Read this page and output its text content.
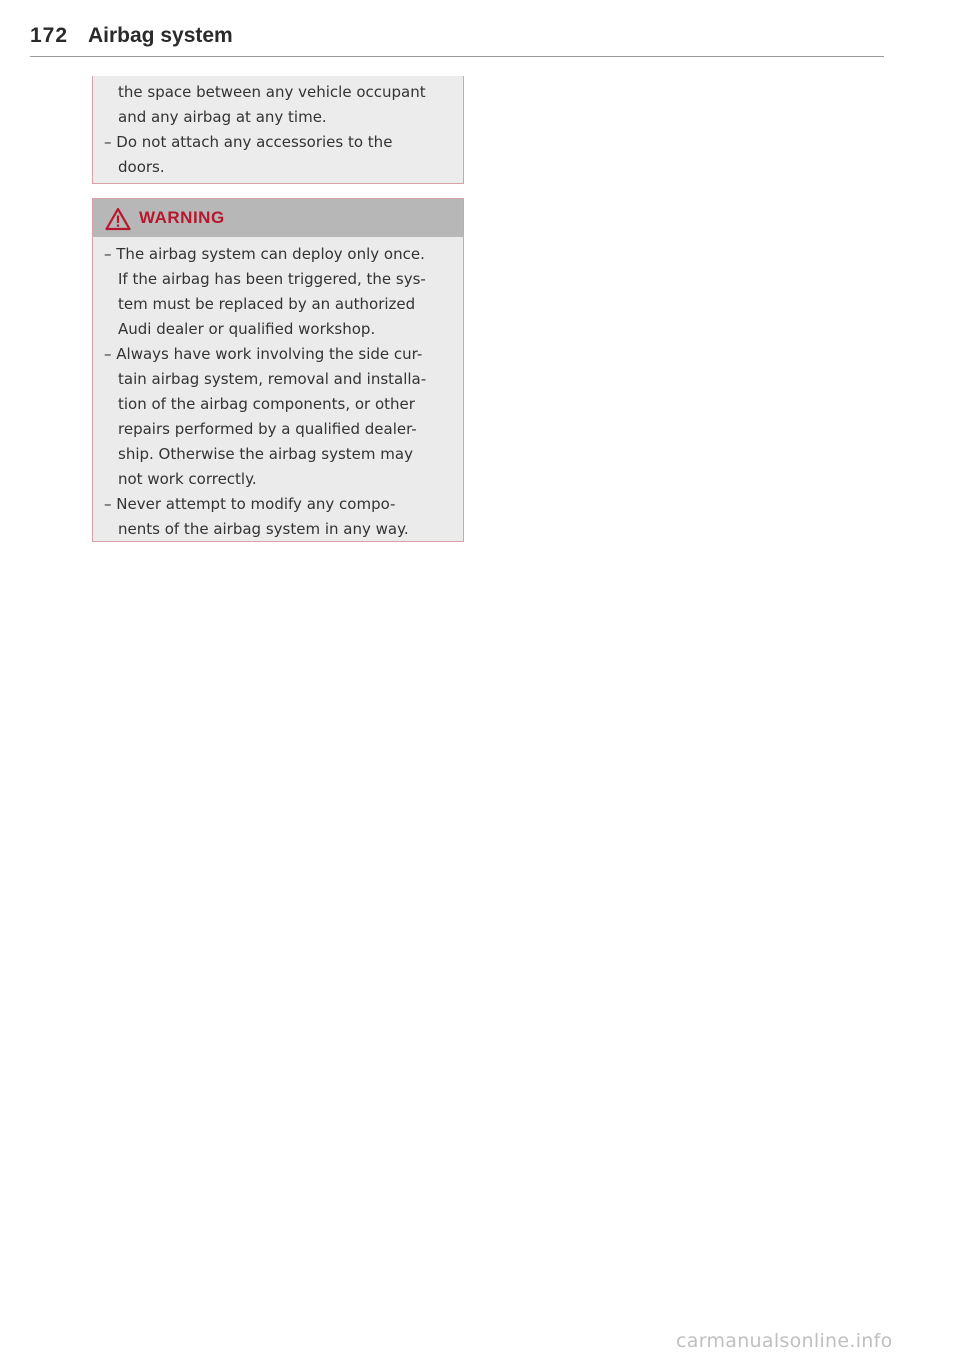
172 Airbag system
the space between any vehicle occupant
and any airbag at any time.
– Do not attach any accessories to the
doors.
WARNING
– The airbag system can deploy only once.
If the airbag has been triggered, the sys-
tem must be replaced by an authorized
Audi dealer or qualified workshop.
– Always have work involving the side cur-
tain airbag system, removal and installa-
tion of the airbag components, or other
repairs performed by a qualified dealer-
ship. Otherwise the airbag system may
not work correctly.
– Never attempt to modify any compo-
nents of the airbag system in any way.
carmanualsonline.info
